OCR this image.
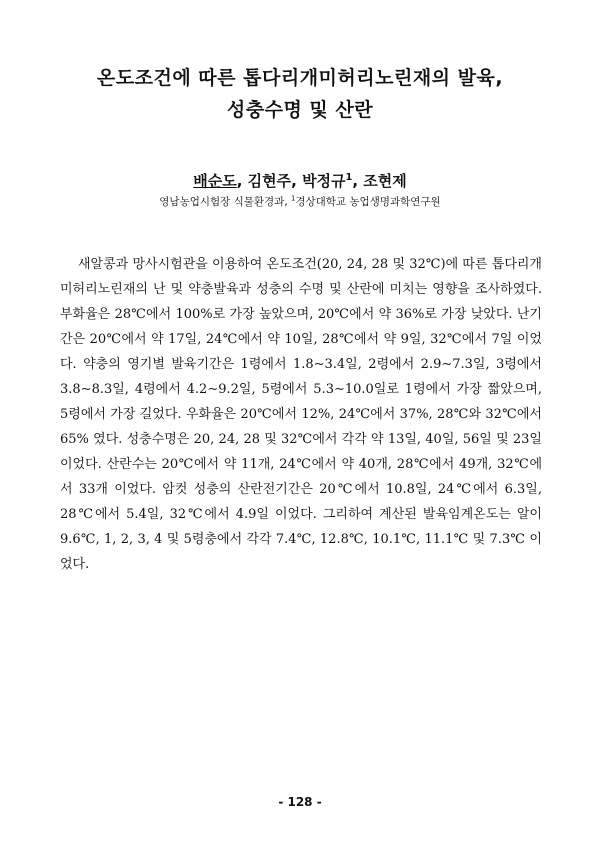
온도조건에 따른 톱다리개미허리노린재의 발육,
성충수명 및 산란
배순도, 김현주, 박정규$^1$, 조현제
영남농업시험장 식물환경과, $^1$경상대학교 농업생명과학연구원

새알콩과 망사시험관을 이용하여 온도조건(20, 24, 28 및 32℃)에 따른 톱다리개미허리노린재의 난 및 약충발육과 성충의 수명 및 산란에 미치는 영향을 조사하였다. 부화율은 28℃에서 100%로 가장 높았으며, 20℃에서 약 36%로 가장 낮았다. 난기간은 20℃에서 약 17일, 24℃에서 약 10일, 28℃에서 약 9일, 32℃에서 7일 이었다. 약충의 영기별 발육기간은 1령에서 1.8∼3.4일, 2령에서 2.9∼7.3일, 3령에서 3.8∼8.3일, 4령에서 4.2∼9.2일, 5령에서 5.3∼10.0일로 1령에서 가장 짧았으며, 5령에서 가장 길었다. 우화율은 20℃에서 12%, 24℃에서 37%, 28℃와 32℃에서 65% 였다. 성충수명은 20, 24, 28 및 32℃에서 각각 약 13일, 40일, 56일 및 23일 이었다. 산란수는 20℃에서 약 11개, 24℃에서 약 40개, 28℃에서 49개, 32℃에서 33개 이었다. 암컷 성충의 산란전기간은 20℃에서 10.8일, 24℃에서 6.3일, 28℃에서 5.4일, 32℃에서 4.9일 이었다. 그리하여 계산된 발육임계온도는 알이 9.6℃, 1, 2, 3, 4 및 5령충에서 각각 7.4℃, 12.8℃, 10.1℃, 11.1℃ 및 7.3℃ 이었다.

- 128 -
